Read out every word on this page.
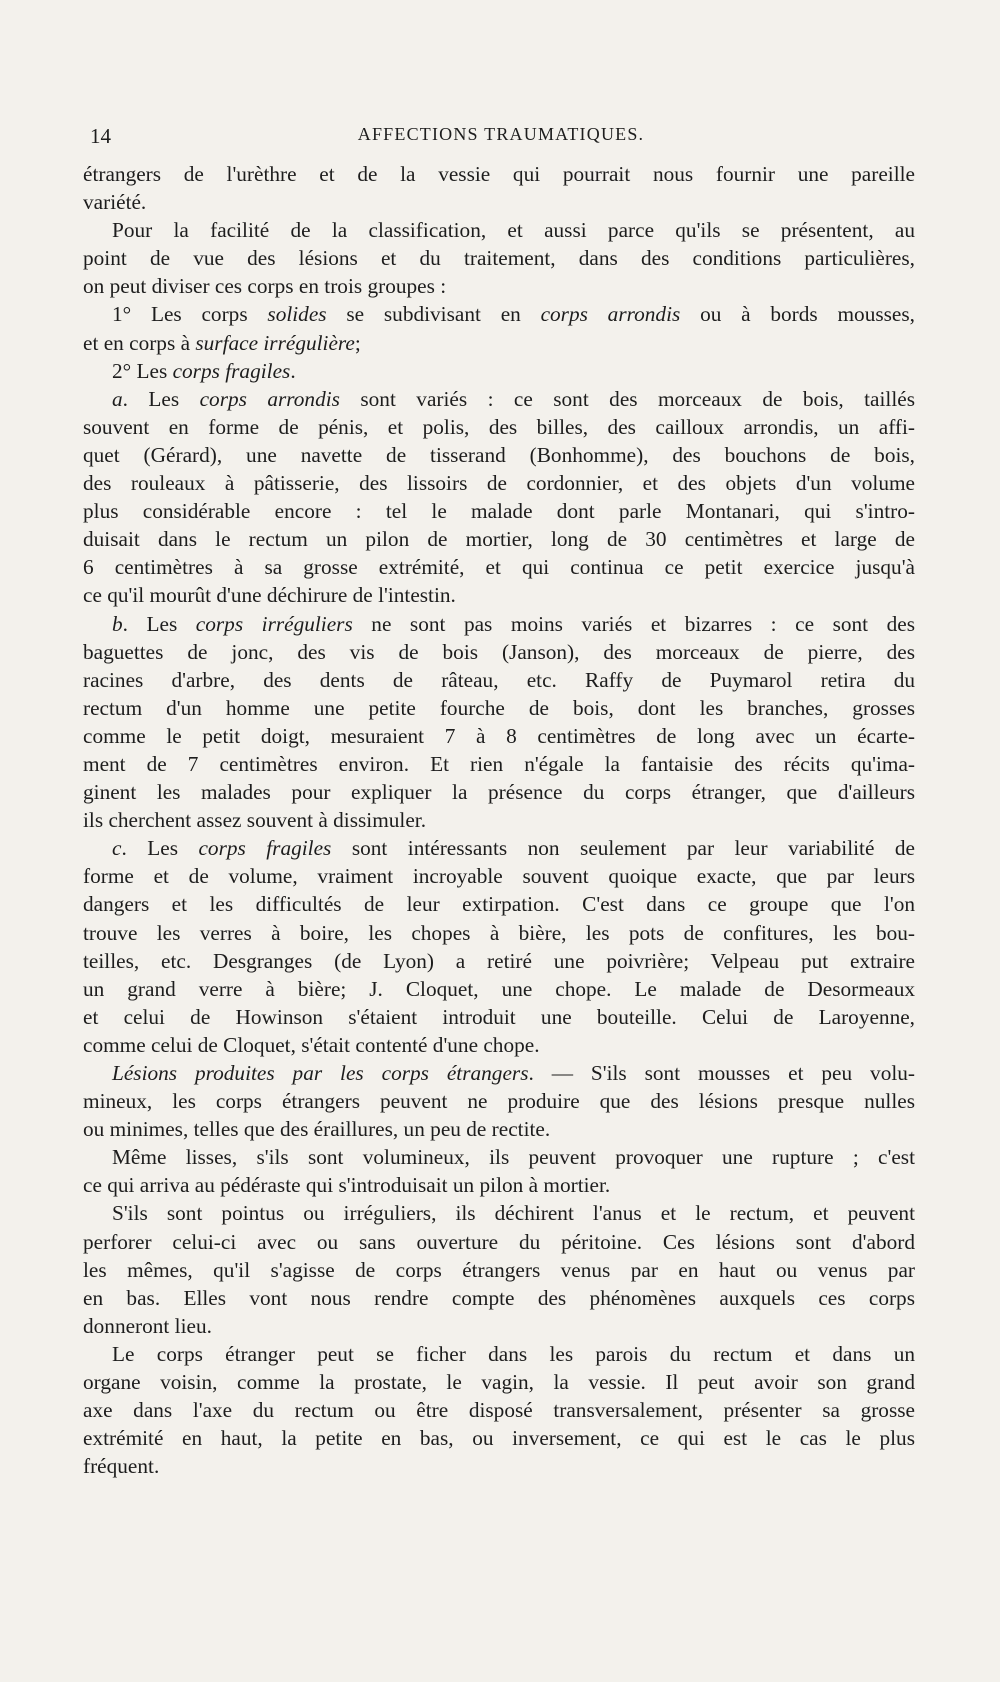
14	AFFECTIONS TRAUMATIQUES.
étrangers de l'urèthre et de la vessie qui pourrait nous fournir une pareille
variété.
Pour la facilité de la classification, et aussi parce qu'ils se présentent, au
point de vue des lésions et du traitement, dans des conditions particulières,
on peut diviser ces corps en trois groupes :
1° Les corps solides se subdivisant en corps arrondis ou à bords mousses,
et en corps à surface irrégulière;
2° Les corps fragiles.
a. Les corps arrondis sont variés : ce sont des morceaux de bois, taillés
souvent en forme de pénis, et polis, des billes, des cailloux arrondis, un affi-
quet (Gérard), une navette de tisserand (Bonhomme), des bouchons de bois,
des rouleaux à pâtisserie, des lissoirs de cordonnier, et des objets d'un volume
plus considérable encore : tel le malade dont parle Montanari, qui s'intro-
duisait dans le rectum un pilon de mortier, long de 30 centimètres et large de
6 centimètres à sa grosse extrémité, et qui continua ce petit exercice jusqu'à
ce qu'il mourût d'une déchirure de l'intestin.
b. Les corps irréguliers ne sont pas moins variés et bizarres : ce sont des
baguettes de jonc, des vis de bois (Janson), des morceaux de pierre, des
racines d'arbre, des dents de râteau, etc. Raffy de Puymarol retira du
rectum d'un homme une petite fourche de bois, dont les branches, grosses
comme le petit doigt, mesuraient 7 à 8 centimètres de long avec un écarte-
ment de 7 centimètres environ. Et rien n'égale la fantaisie des récits qu'ima-
ginent les malades pour expliquer la présence du corps étranger, que d'ailleurs
ils cherchent assez souvent à dissimuler.
c. Les corps fragiles sont intéressants non seulement par leur variabilité de
forme et de volume, vraiment incroyable souvent quoique exacte, que par leurs
dangers et les difficultés de leur extirpation. C'est dans ce groupe que l'on
trouve les verres à boire, les chopes à bière, les pots de confitures, les bou-
teilles, etc. Desgranges (de Lyon) a retiré une poivrière; Velpeau put extraire
un grand verre à bière; J. Cloquet, une chope. Le malade de Desormeaux
et celui de Howinson s'étaient introduit une bouteille. Celui de Laroyenne,
comme celui de Cloquet, s'était contenté d'une chope.
Lésions produites par les corps étrangers. — S'ils sont mousses et peu volu-
mineux, les corps étrangers peuvent ne produire que des lésions presque nulles
ou minimes, telles que des éraillures, un peu de rectite.
Même lisses, s'ils sont volumineux, ils peuvent provoquer une rupture ; c'est
ce qui arriva au pédéraste qui s'introduisait un pilon à mortier.
S'ils sont pointus ou irréguliers, ils déchirent l'anus et le rectum, et peuvent
perforer celui-ci avec ou sans ouverture du péritoine. Ces lésions sont d'abord
les mêmes, qu'il s'agisse de corps étrangers venus par en haut ou venus par
en bas. Elles vont nous rendre compte des phénomènes auxquels ces corps
donneront lieu.
Le corps étranger peut se ficher dans les parois du rectum et dans un
organe voisin, comme la prostate, le vagin, la vessie. Il peut avoir son grand
axe dans l'axe du rectum ou être disposé transversalement, présenter sa grosse
extrémité en haut, la petite en bas, ou inversement, ce qui est le cas le plus
fréquent.
